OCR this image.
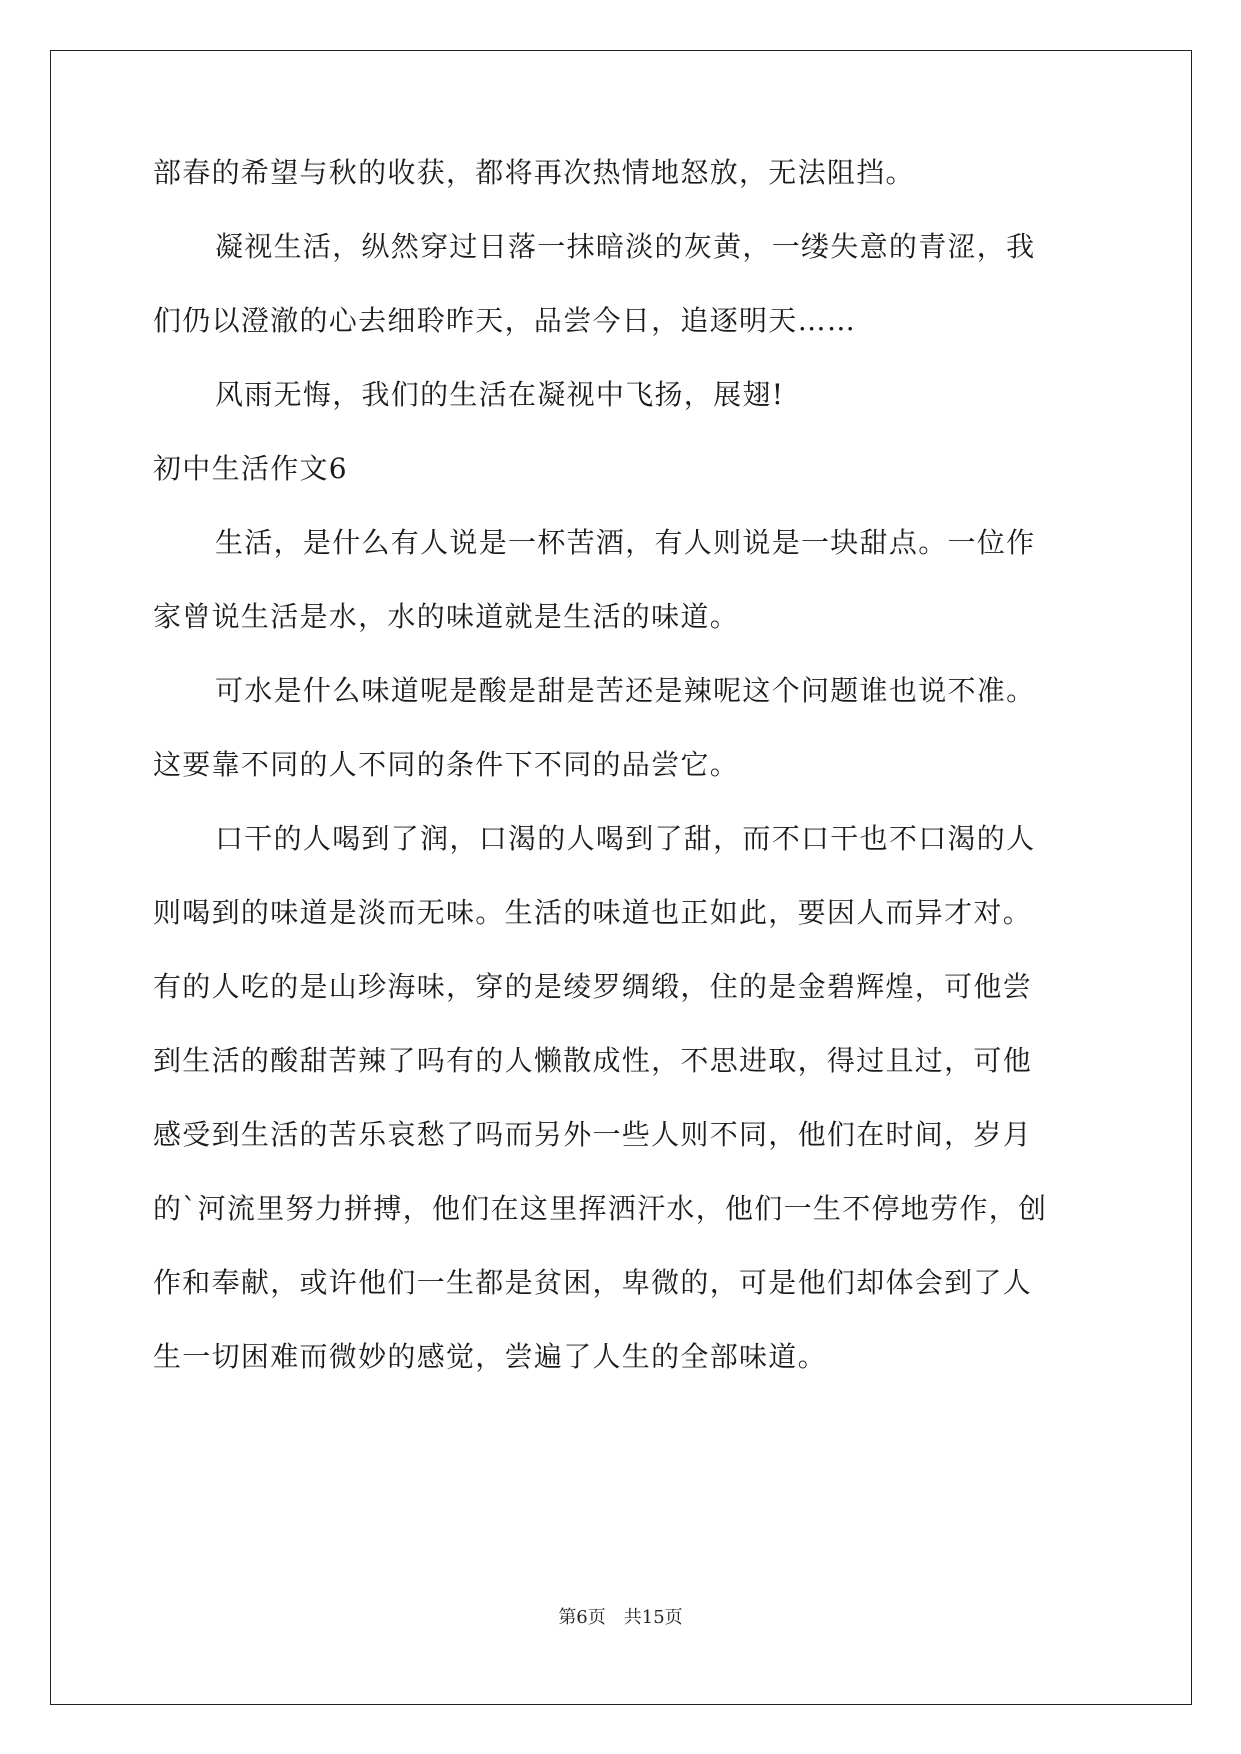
部春的希望与秋的收获，都将再次热情地怒放，无法阻挡。
凝视生活，纵然穿过日落一抹暗淡的灰黄，一缕失意的青涩，我
们仍以澄澈的心去细聆昨天，品尝今日，追逐明天……
风雨无悔，我们的生活在凝视中飞扬，展翅!
初中生活作文6
生活，是什么有人说是一杯苦酒，有人则说是一块甜点。一位作
家曾说生活是水，水的味道就是生活的味道。
可水是什么味道呢是酸是甜是苦还是辣呢这个问题谁也说不准。
这要靠不同的人不同的条件下不同的品尝它。
口干的人喝到了润，口渴的人喝到了甜，而不口干也不口渴的人
则喝到的味道是淡而无味。生活的味道也正如此，要因人而异才对。
有的人吃的是山珍海味，穿的是绫罗绸缎，住的是金碧辉煌，可他尝
到生活的酸甜苦辣了吗有的人懒散成性，不思进取，得过且过，可他
感受到生活的苦乐哀愁了吗而另外一些人则不同，他们在时间，岁月
的`河流里努力拼搏，他们在这里挥洒汗水，他们一生不停地劳作，创
作和奉献，或许他们一生都是贫困，卑微的，可是他们却体会到了人
生一切困难而微妙的感觉，尝遍了人生的全部味道。
第6页　共15页
